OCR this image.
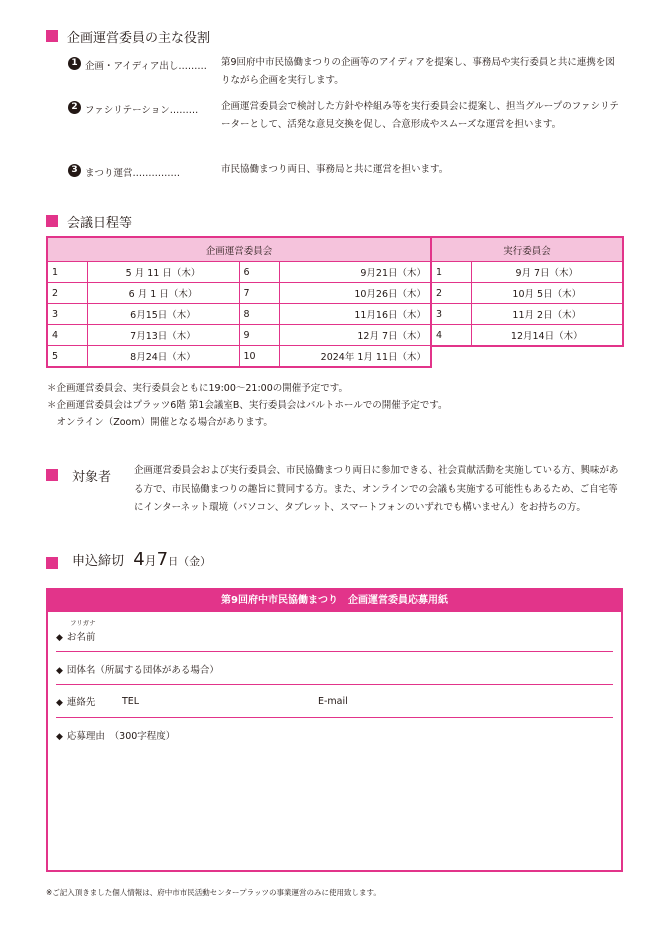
企画運営委員の主な役割
1 企画・アイディア出し……… 第9回府中市民協働まつりの企画等のアイディアを提案し、事務局や実行委員と共に連携を図りながら企画を実行します。
2 ファシリテーション……… 企画運営委員会で検討した方針や枠組み等を実行委員会に提案し、担当グループのファシリテーターとして、活発な意見交換を促し、合意形成やスムーズな運営を担います。
3 まつり運営……………	市民協働まつり両日、事務局と共に運営を担います。
会議日程等
企画運営委員会			
1	5 月 11 日（木）	6	9月21日（木）
2	6 月 1 日（木）	7	10月26日（木）
3	6月15日（木）	8	11月16日（木）
4	7月13日（木）	9	12月 7日（木）
5	8月24日（木）	10	2024年 1月 11日（木）
実行委員会	
1	9月 7日（木）
2	10月 5日（木）
3	11月 2日（木）
4	12月14日（木）
＊企画運営委員会、実行委員会ともに19:00～21:00の開催予定です。
＊企画運営委員会はプラッツ6階 第1会議室B、実行委員会はバルトホールでの開催予定です。
　オンライン（Zoom）開催となる場合があります。
対象者 企画運営委員会および実行委員会、市民協働まつり両日に参加できる、社会貢献活動を実施している方、興味がある方で、市民協働まつりの趣旨に賛同する方。また、オンラインでの会議も実施する可能性もあるため、ご自宅等にインターネット環境（パソコン、タブレット、スマートフォンのいずれでも構いません）をお持ちの方。
申込締切 4月7日（金）
第9回府中市民協働まつり　企画運営委員応募用紙
フリガナ
◆ お名前
◆ 団体名（所属する団体がある場合）
◆ 連絡先	TEL	E-mail
◆ 応募理由　（300字程度）
※ご記入頂きました個人情報は、府中市市民活動センタープラッツの事業運営のみに使用致します。
